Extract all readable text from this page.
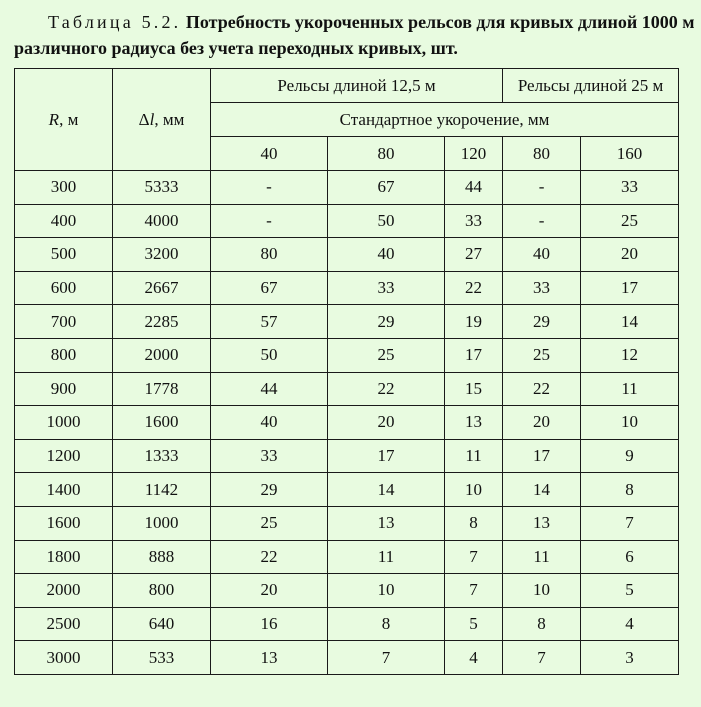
Таблица 5.2. Потребность укороченных рельсов для кривых длиной 1000 м различного радиуса без учета переходных кривых, шт.
R, м	Δl, мм	Рельсы длиной 12,5 м			Рельсы длиной 25 м	
		Стандартное укорочение, мм				
		40	80	120	80	160
300	5333	-	67	44	-	33
400	4000	-	50	33	-	25
500	3200	80	40	27	40	20
600	2667	67	33	22	33	17
700	2285	57	29	19	29	14
800	2000	50	25	17	25	12
900	1778	44	22	15	22	11
1000	1600	40	20	13	20	10
1200	1333	33	17	11	17	9
1400	1142	29	14	10	14	8
1600	1000	25	13	8	13	7
1800	888	22	11	7	11	6
2000	800	20	10	7	10	5
2500	640	16	8	5	8	4
3000	533	13	7	4	7	3
